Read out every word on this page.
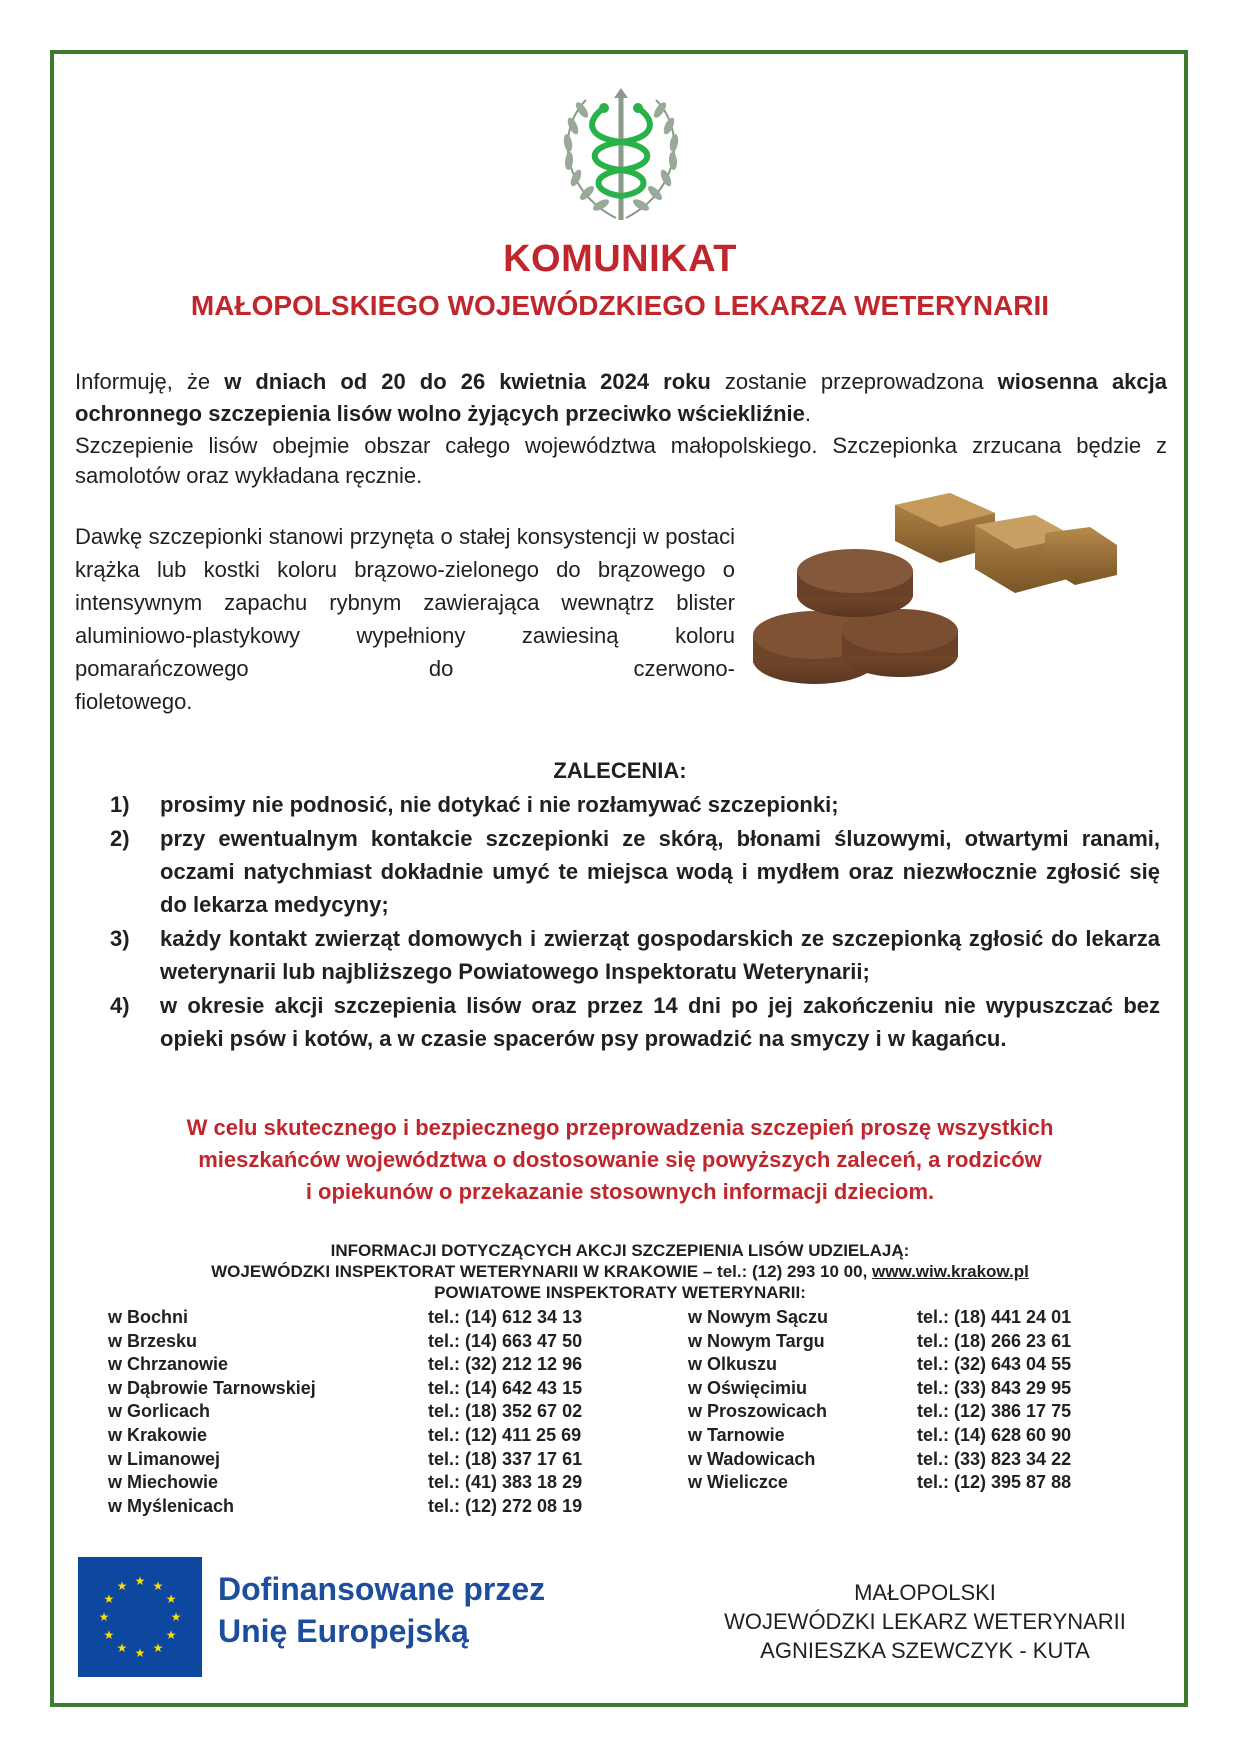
KOMUNIKAT
MAŁOPOLSKIEGO WOJEWÓDZKIEGO LEKARZA WETERYNARII
Informuję, że w dniach od 20 do 26 kwietnia 2024 roku zostanie przeprowadzona wiosenna akcja ochronnego szczepienia lisów wolno żyjących przeciwko wściekliźnie.
Szczepienie lisów obejmie obszar całego województwa małopolskiego. Szczepionka zrzucana będzie z samolotów oraz wykładana ręcznie.
Dawkę szczepionki stanowi przynęta o stałej konsystencji w postaci krążka lub kostki koloru brązowo-zielonego do brązowego o intensywnym zapachu rybnym zawierająca wewnątrz blister aluminiowo-plastykowy wypełniony zawiesiną koloru pomarańczowego do czerwono-
fioletowego.
ZALECENIA:
1) prosimy nie podnosić, nie dotykać i nie rozłamywać szczepionki;
2) przy ewentualnym kontakcie szczepionki ze skórą, błonami śluzowymi, otwartymi ranami, oczami natychmiast dokładnie umyć te miejsca wodą i mydłem oraz niezwłocznie zgłosić się do lekarza medycyny;
3) każdy kontakt zwierząt domowych i zwierząt gospodarskich ze szczepionką zgłosić do lekarza weterynarii lub najbliższego Powiatowego Inspektoratu Weterynarii;
4) w okresie akcji szczepienia lisów oraz przez 14 dni po jej zakończeniu nie wypuszczać bez opieki psów i kotów, a w czasie spacerów psy prowadzić na smyczy i w kagańcu.
W celu skutecznego i bezpiecznego przeprowadzenia szczepień proszę wszystkich
mieszkańców województwa o dostosowanie się powyższych zaleceń, a rodziców
i opiekunów o przekazanie stosownych informacji dzieciom.
INFORMACJI DOTYCZĄCYCH AKCJI SZCZEPIENIA LISÓW UDZIELAJĄ:
WOJEWÓDZKI INSPEKTORAT WETERYNARII W KRAKOWIE – tel.: (12) 293 10 00, www.wiw.krakow.pl
POWIATOWE INSPEKTORATY WETERYNARII:
w Bochni	tel.: (14) 612 34 13
w Brzesku	tel.: (14) 663 47 50
w Chrzanowie	tel.: (32) 212 12 96
w Dąbrowie Tarnowskiej	tel.: (14) 642 43 15
w Gorlicach	tel.: (18) 352 67 02
w Krakowie	tel.: (12) 411 25 69
w Limanowej	tel.: (18) 337 17 61
w Miechowie	tel.: (41) 383 18 29
w Myślenicach	tel.: (12) 272 08 19
w Nowym Sączu	tel.: (18) 441 24 01
w Nowym Targu	tel.: (18) 266 23 61
w Olkuszu	tel.: (32) 643 04 55
w Oświęcimiu	tel.: (33) 843 29 95
w Proszowicach	tel.: (12) 386 17 75
w Tarnowie	tel.: (14) 628 60 90
w Wadowicach	tel.: (33) 823 34 22
w Wieliczce	tel.: (12) 395 87 88
★ ★
★
★
★
★
★
★
★
★
★
★	Dofinansowane przez
Unię Europejską
MAŁOPOLSKI
WOJEWÓDZKI LEKARZ WETERYNARII
AGNIESZKA SZEWCZYK - KUTA
